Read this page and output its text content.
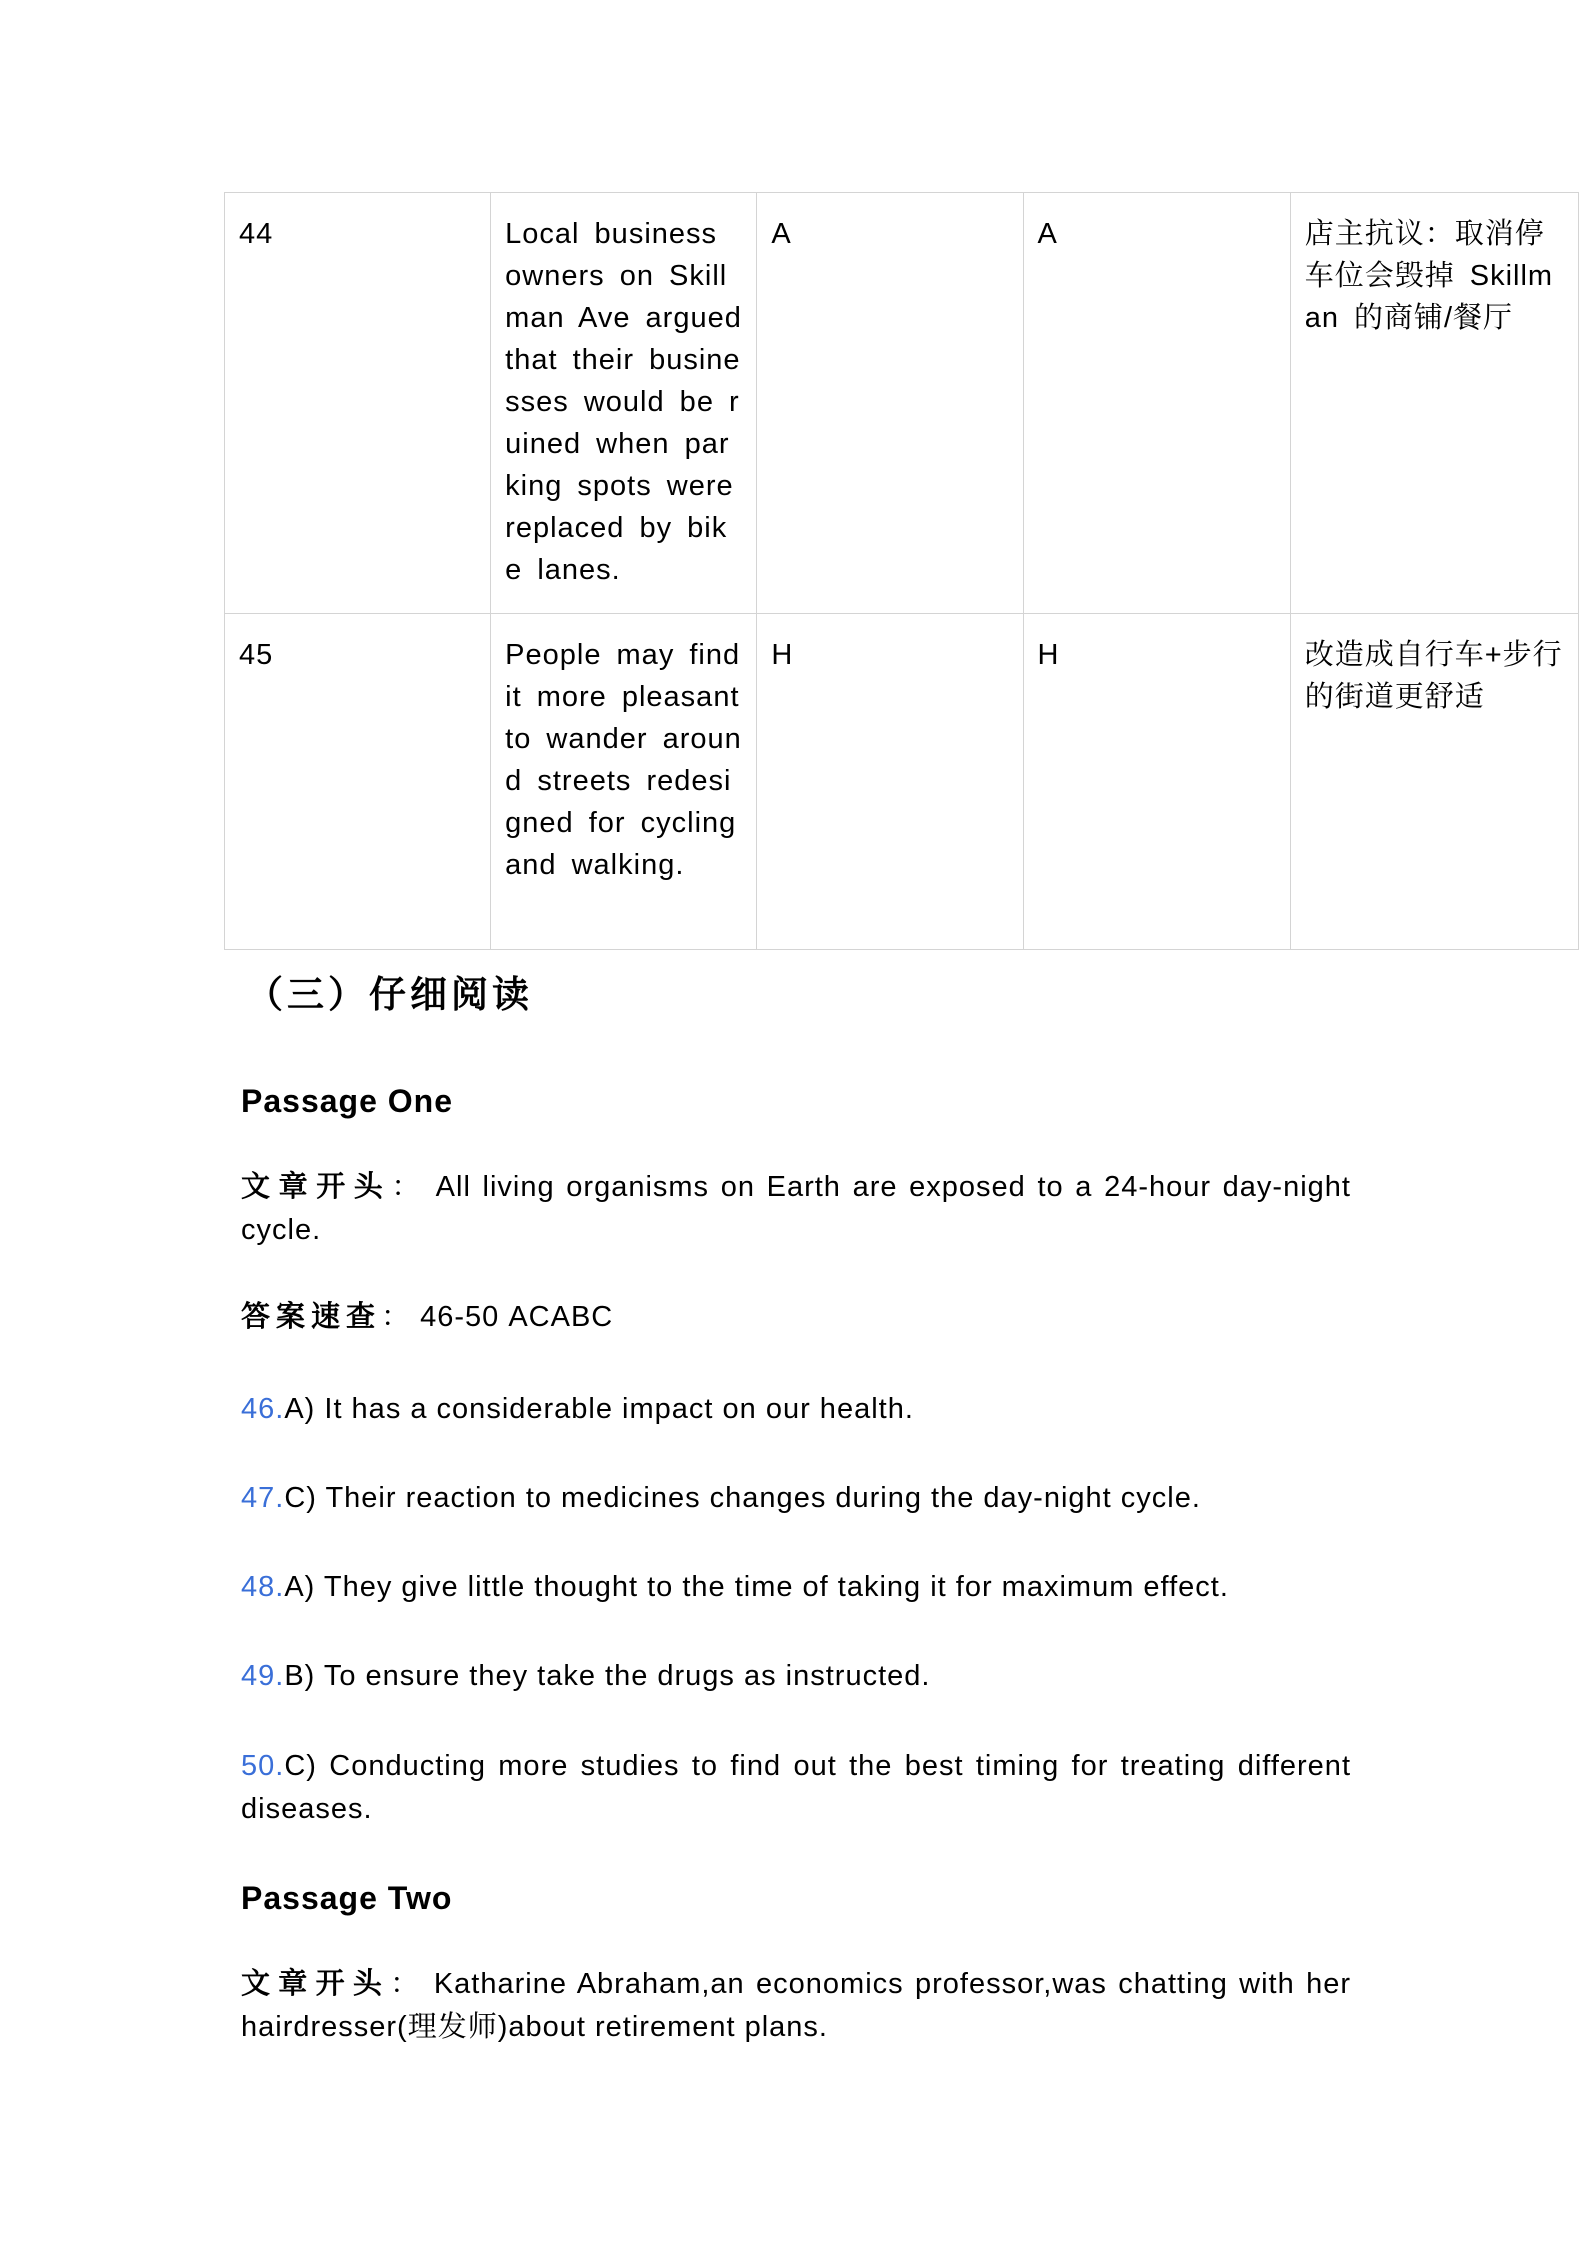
44	Local business owners on Skillman Ave argued that their businesses would be ruined when parking spots were replaced by bike lanes.	A	A	店主抗议：取消停车位会毁掉 Skillman 的商铺/餐厅
45	People may find it more pleasant to wander around streets redesigned for cycling and walking.	H	H	改造成自行车+步行的街道更舒适
（三）仔细阅读
Passage One
文章开头： All living organisms on Earth are exposed to a 24-hour day-night cycle.
答案速查： 46-50 ACABC
46.A) It has a considerable impact on our health.
47.C) Their reaction to medicines changes during the day-night cycle.
48.A) They give little thought to the time of taking it for maximum effect.
49.B) To ensure they take the drugs as instructed.
50.C) Conducting more studies to find out the best timing for treating different diseases.
Passage Two
文章开头： Katharine Abraham,an economics professor,was chatting with her hairdresser(理发师)about retirement plans.
